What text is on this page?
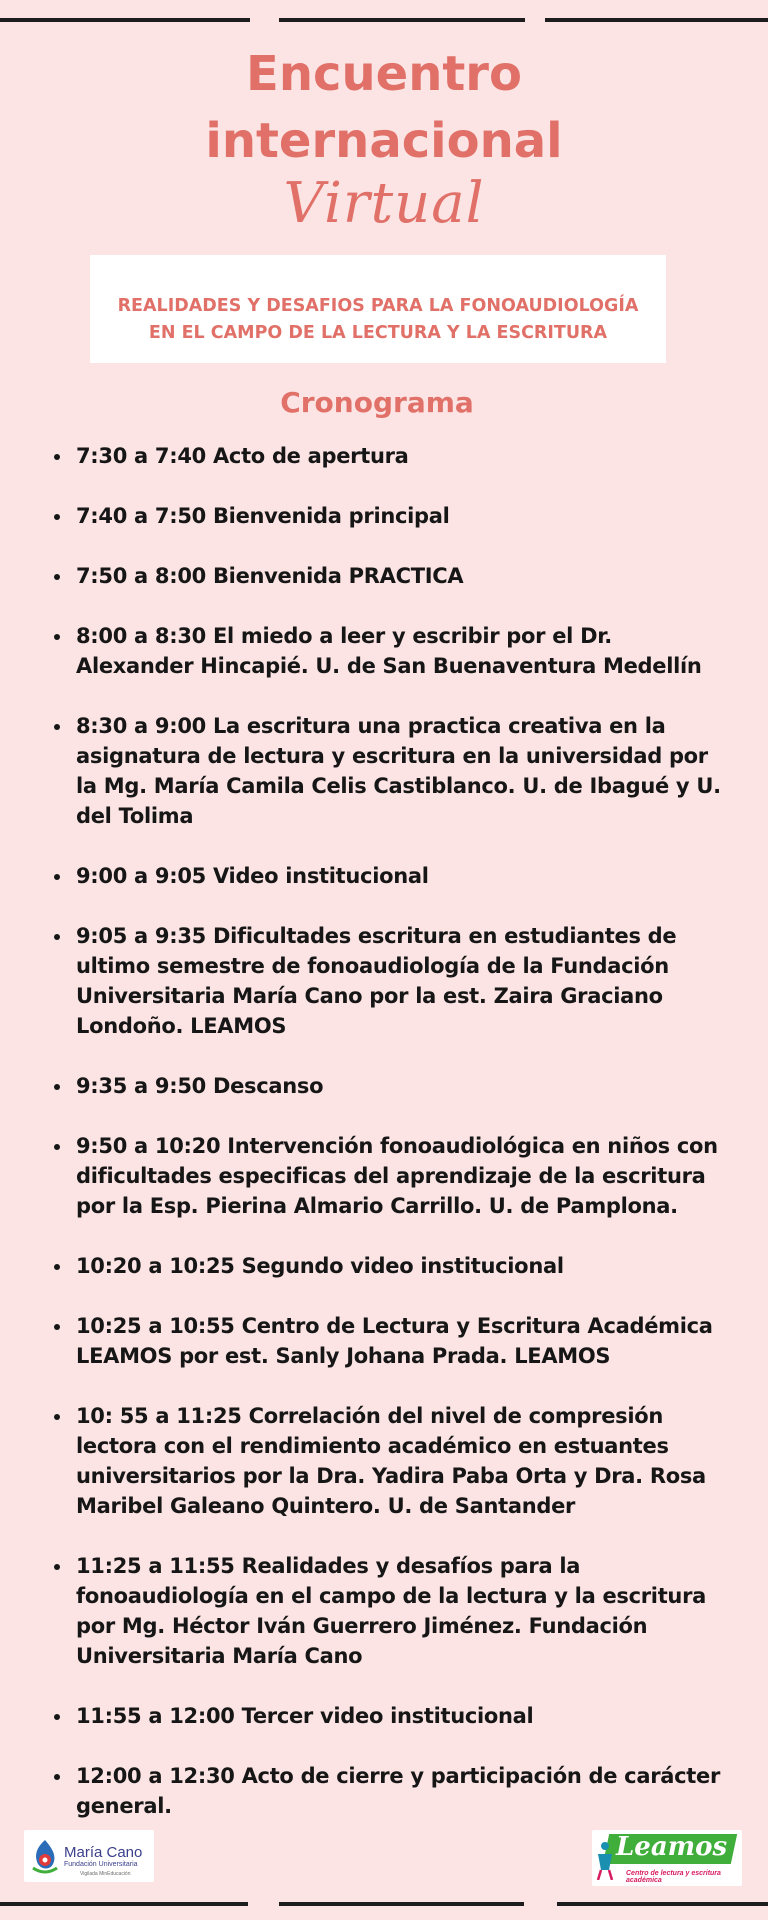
Encuentro
internacional
Virtual
REALIDADES Y DESAFIOS PARA LA FONOAUDIOLOGÍA
EN EL CAMPO DE LA LECTURA Y LA ESCRITURA
Cronograma
7:30 a 7:40 Acto de apertura
7:40 a 7:50 Bienvenida principal
7:50 a 8:00 Bienvenida PRACTICA
8:00 a 8:30 El miedo a leer y escribir por el Dr. Alexander Hincapié. U. de San Buenaventura Medellín
8:30 a 9:00 La escritura una practica creativa en la asignatura de lectura y escritura en la universidad por la Mg. María Camila Celis Castiblanco. U. de Ibagué y U. del Tolima
9:00 a 9:05 Video institucional
9:05 a 9:35 Dificultades escritura en estudiantes de ultimo semestre de fonoaudiología de la Fundación Universitaria María Cano por la est. Zaira Graciano Londoño. LEAMOS
9:35 a 9:50 Descanso
9:50 a 10:20 Intervención fonoaudiológica en niños con dificultades especificas del aprendizaje de la escritura por la Esp. Pierina Almario Carrillo. U. de Pamplona.
10:20 a 10:25 Segundo video institucional
10:25 a 10:55 Centro de Lectura y Escritura Académica LEAMOS por est. Sanly Johana Prada. LEAMOS
10: 55 a 11:25 Correlación del nivel de compresión lectora con el rendimiento académico en estuantes universitarios por la Dra. Yadira Paba Orta y Dra. Rosa Maribel Galeano Quintero. U. de Santander
11:25 a 11:55 Realidades y desafíos para la fonoaudiología en el campo de la lectura y la escritura por Mg. Héctor Iván Guerrero Jiménez. Fundación Universitaria María Cano
11:55 a 12:00 Tercer video institucional
12:00 a 12:30 Acto de cierre y participación de carácter general.
María Cano
Fundación Universitaria
Vigilada MinEducación
Leamos
Centro de lectura y escritura académica
